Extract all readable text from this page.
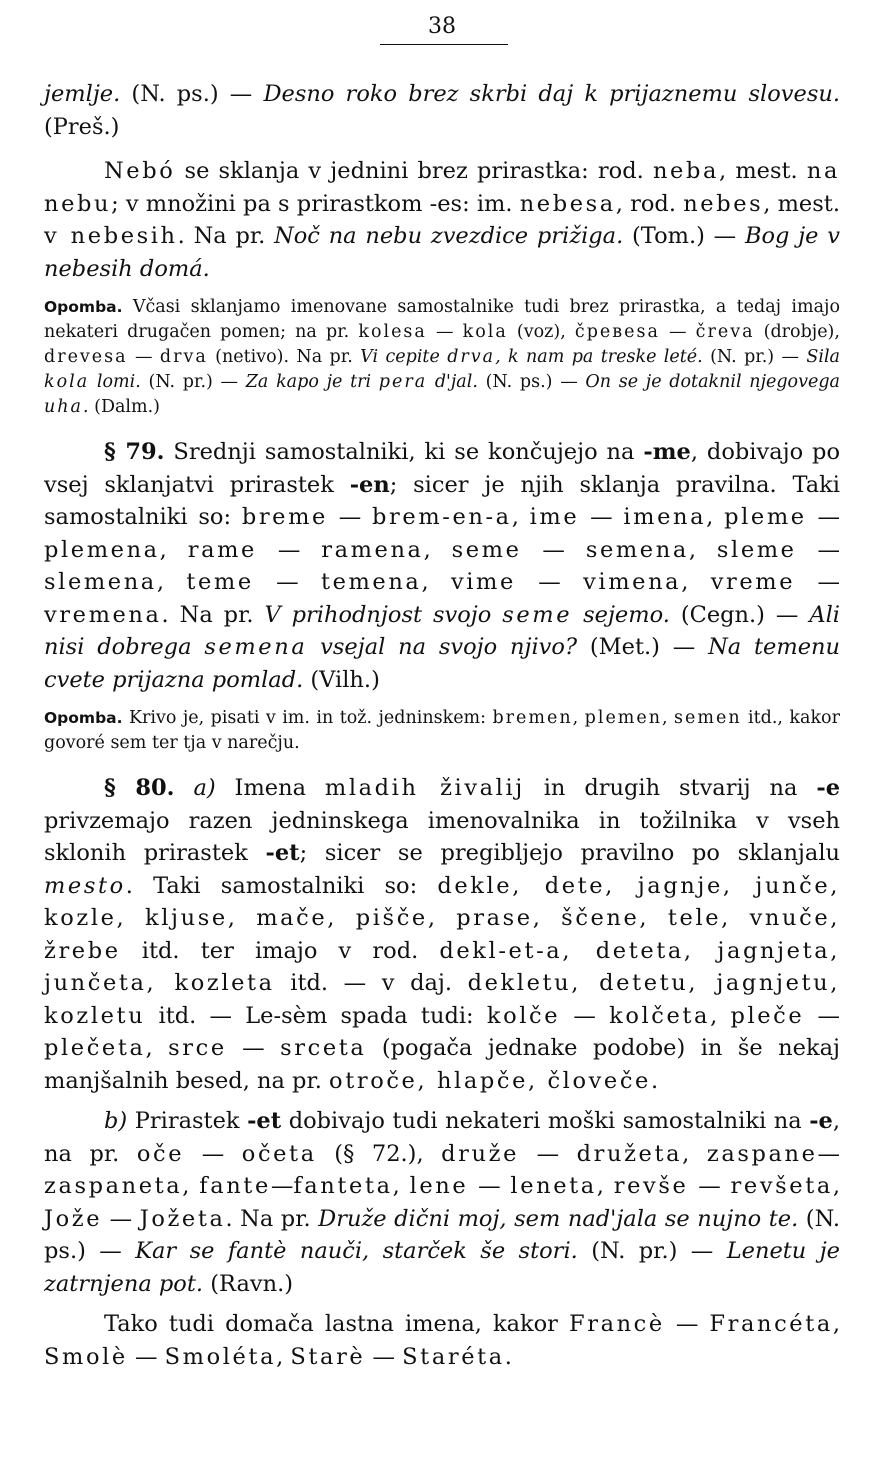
38

jemlje. (N. ps.) — Desno roko brez skrbi daj k prijaznemu slovesu. (Preš.)

Nebó se sklanja v jednini brez prirastka: rod. neba, mest. na nebu; v množini pa s prirastkom -es: im. nebesa, rod. nebes, mest. v nebesih. Na pr. Noč na nebu zvezdice prižiga. (Tom.) — Bog je v nebesih domá.

Opomba. Včasi sklanjamo imenovane samostalnike tudi brez prirastka, a tedaj imajo nekateri drugačen pomen; na pr. kolesa — kola (voz), čревesa — čreva (drobje), drevesa — drva (netivo). Na pr. Vi cepite drva, k nam pa treske leté. (N. pr.) — Sila kola lomi. (N. pr.) — Za kapo je tri pera d'jal. (N. ps.) — On se je dotaknil njegovega uha. (Dalm.)

§ 79. Srednji samostalniki, ki se končujejo na -me, dobivajo po vsej sklanjatvi prirastek -en; sicer je njih sklanja pravilna. Taki samostalniki so: breme — brem-en-a, ime — imena, pleme — plemena, rame — ramena, seme — semena, sleme — slemena, teme — temena, vime — vimena, vreme — vremena. Na pr. V prihodnjost svojo seme sejemo. (Cegn.) — Ali nisi dobrega semena vsejal na svojo njivo? (Met.) — Na temenu cvete prijazna pomlad. (Vilh.)

Opomba. Krivo je, pisati v im. in tož. jedninskem: bremen, plemen, semen itd., kakor govoré sem ter tja v narečju.

§ 80. a) Imena mladih živalij in drugih stvarij na -e privzemajo razen jedninskega imenovalnika in tožilnika v vseh sklonih prirastek -et; sicer se pregibljejo pravilno po sklanjalu mesto. Taki samostalniki so: dekle, dete, jagnje, junče, kozle, kljuse, mače, pišče, prase, ščene, tele, vnuče, žrebe itd. ter imajo v rod. dekl-et-a, deteta, jagnjeta, junčeta, kozleta itd. — v daj. dekletu, detetu, jagnjetu, kozletu itd. — Le-sèm spada tudi: kolče — kolčeta, pleče — plečeta, srce — srceta (pogača jednake podobe) in še nekaj manjšalnih besed, na pr. otroče, hlapče, človeče.

b) Prirastek -et dobivajo tudi nekateri moški samostalniki na -e, na pr. oče — očeta (§ 72.), druže — družeta, zaspane— zaspaneta, fante—fanteta, lene — leneta, revše — revšeta, Jože — Jožeta. Na pr. Druže dični moj, sem nad'jala se nujno te. (N. ps.) — Kar se fantè nauči, starček še stori. (N. pr.) — Lenetu je zatrnjena pot. (Ravn.)

Tako tudi domača lastna imena, kakor Francè — Francéta, Smolè — Smoléta, Starè — Staréta.
